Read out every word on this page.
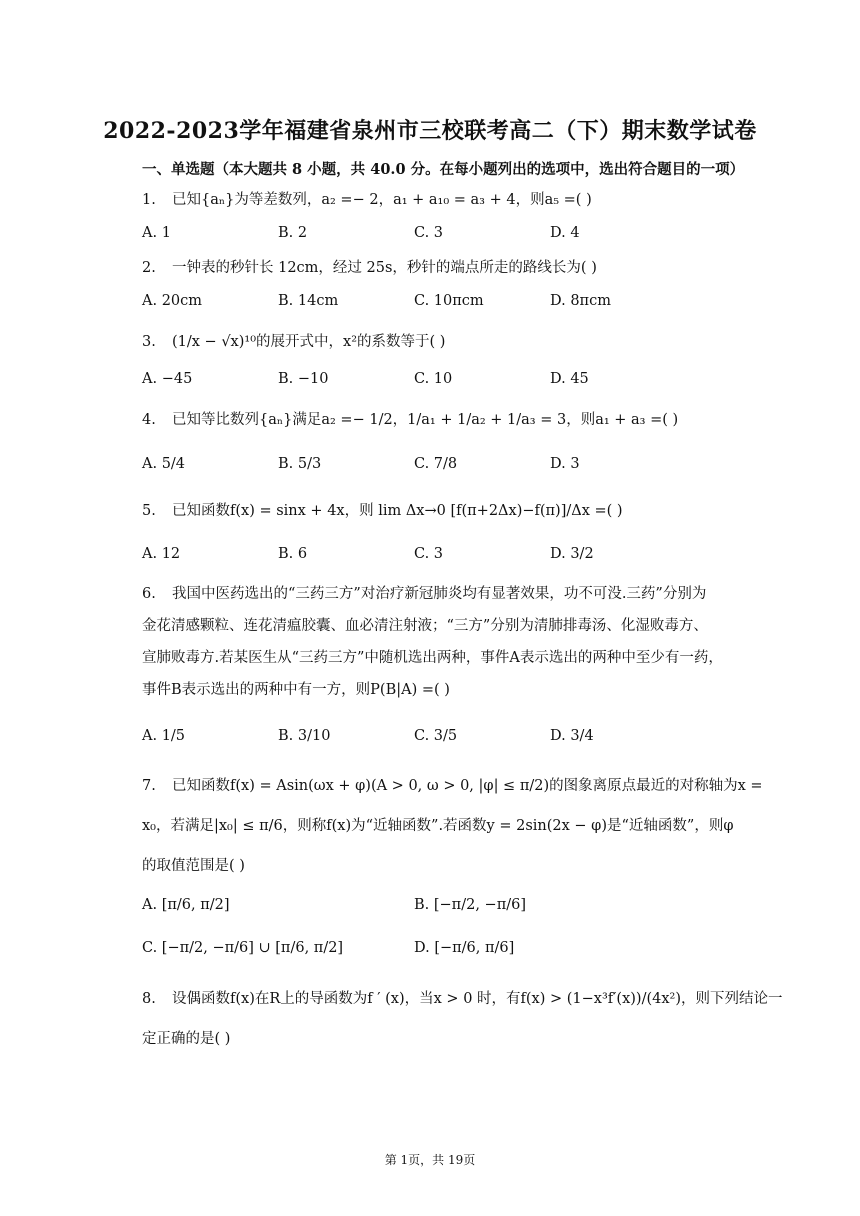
2022-2023学年福建省泉州市三校联考高二（下）期末数学试卷
一、单选题（本大题共 8 小题，共 40.0 分。在每小题列出的选项中，选出符合题目的一项）
1. 已知{aₙ}为等差数列，a₂ =− 2，a₁ + a₁₀ = a₃ + 4，则a₅ =( )
A. 1	B. 2	C. 3	D. 4
2. 一钟表的秒针长 12cm，经过 25s，秒针的端点所走的路线长为( )
A. 20cm	B. 14cm	C. 10πcm	D. 8πcm
3. (1/x − √x)¹⁰的展开式中，x²的系数等于( )
A. −45	B. −10	C. 10	D. 45
4. 已知等比数列{aₙ}满足a₂ =− 1/2，1/a₁ + 1/a₂ + 1/a₃ = 3，则a₁ + a₃ =( )
A. 5/4	B. 5/3	C. 7/8	D. 3
5. 已知函数f(x) = sinx + 4x，则 lim Δx→0 [f(π+2Δx)−f(π)]/Δx =( )
A. 12	B. 6	C. 3	D. 3/2
6. 我国中医药选出的“三药三方”对治疗新冠肺炎均有显著效果，功不可没.三药”分别为
金花清感颗粒、连花清瘟胶囊、血必清注射液；“三方”分别为清肺排毒汤、化湿败毒方、
宣肺败毒方.若某医生从“三药三方”中随机选出两种，事件A表示选出的两种中至少有一药，
事件B表示选出的两种中有一方，则P(B|A) =( )
A. 1/5	B. 3/10	C. 3/5	D. 3/4
7. 已知函数f(x) = Asin(ωx + φ)(A > 0, ω > 0, |φ| ≤ π/2)的图象离原点最近的对称轴为x =
x₀，若满足|x₀| ≤ π/6，则称f(x)为“近轴函数”.若函数y = 2sin(2x − φ)是“近轴函数”，则φ
的取值范围是( )
A. [π/6, π/2]	B. [−π/2, −π/6]
C. [−π/2, −π/6] ∪ [π/6, π/2]	D. [−π/6, π/6]
8. 设偶函数f(x)在R上的导函数为f ′ (x)，当x > 0 时，有f(x) > (1−x³f′(x))/(4x²)，则下列结论一
定正确的是( )
第 1页，共 19页
